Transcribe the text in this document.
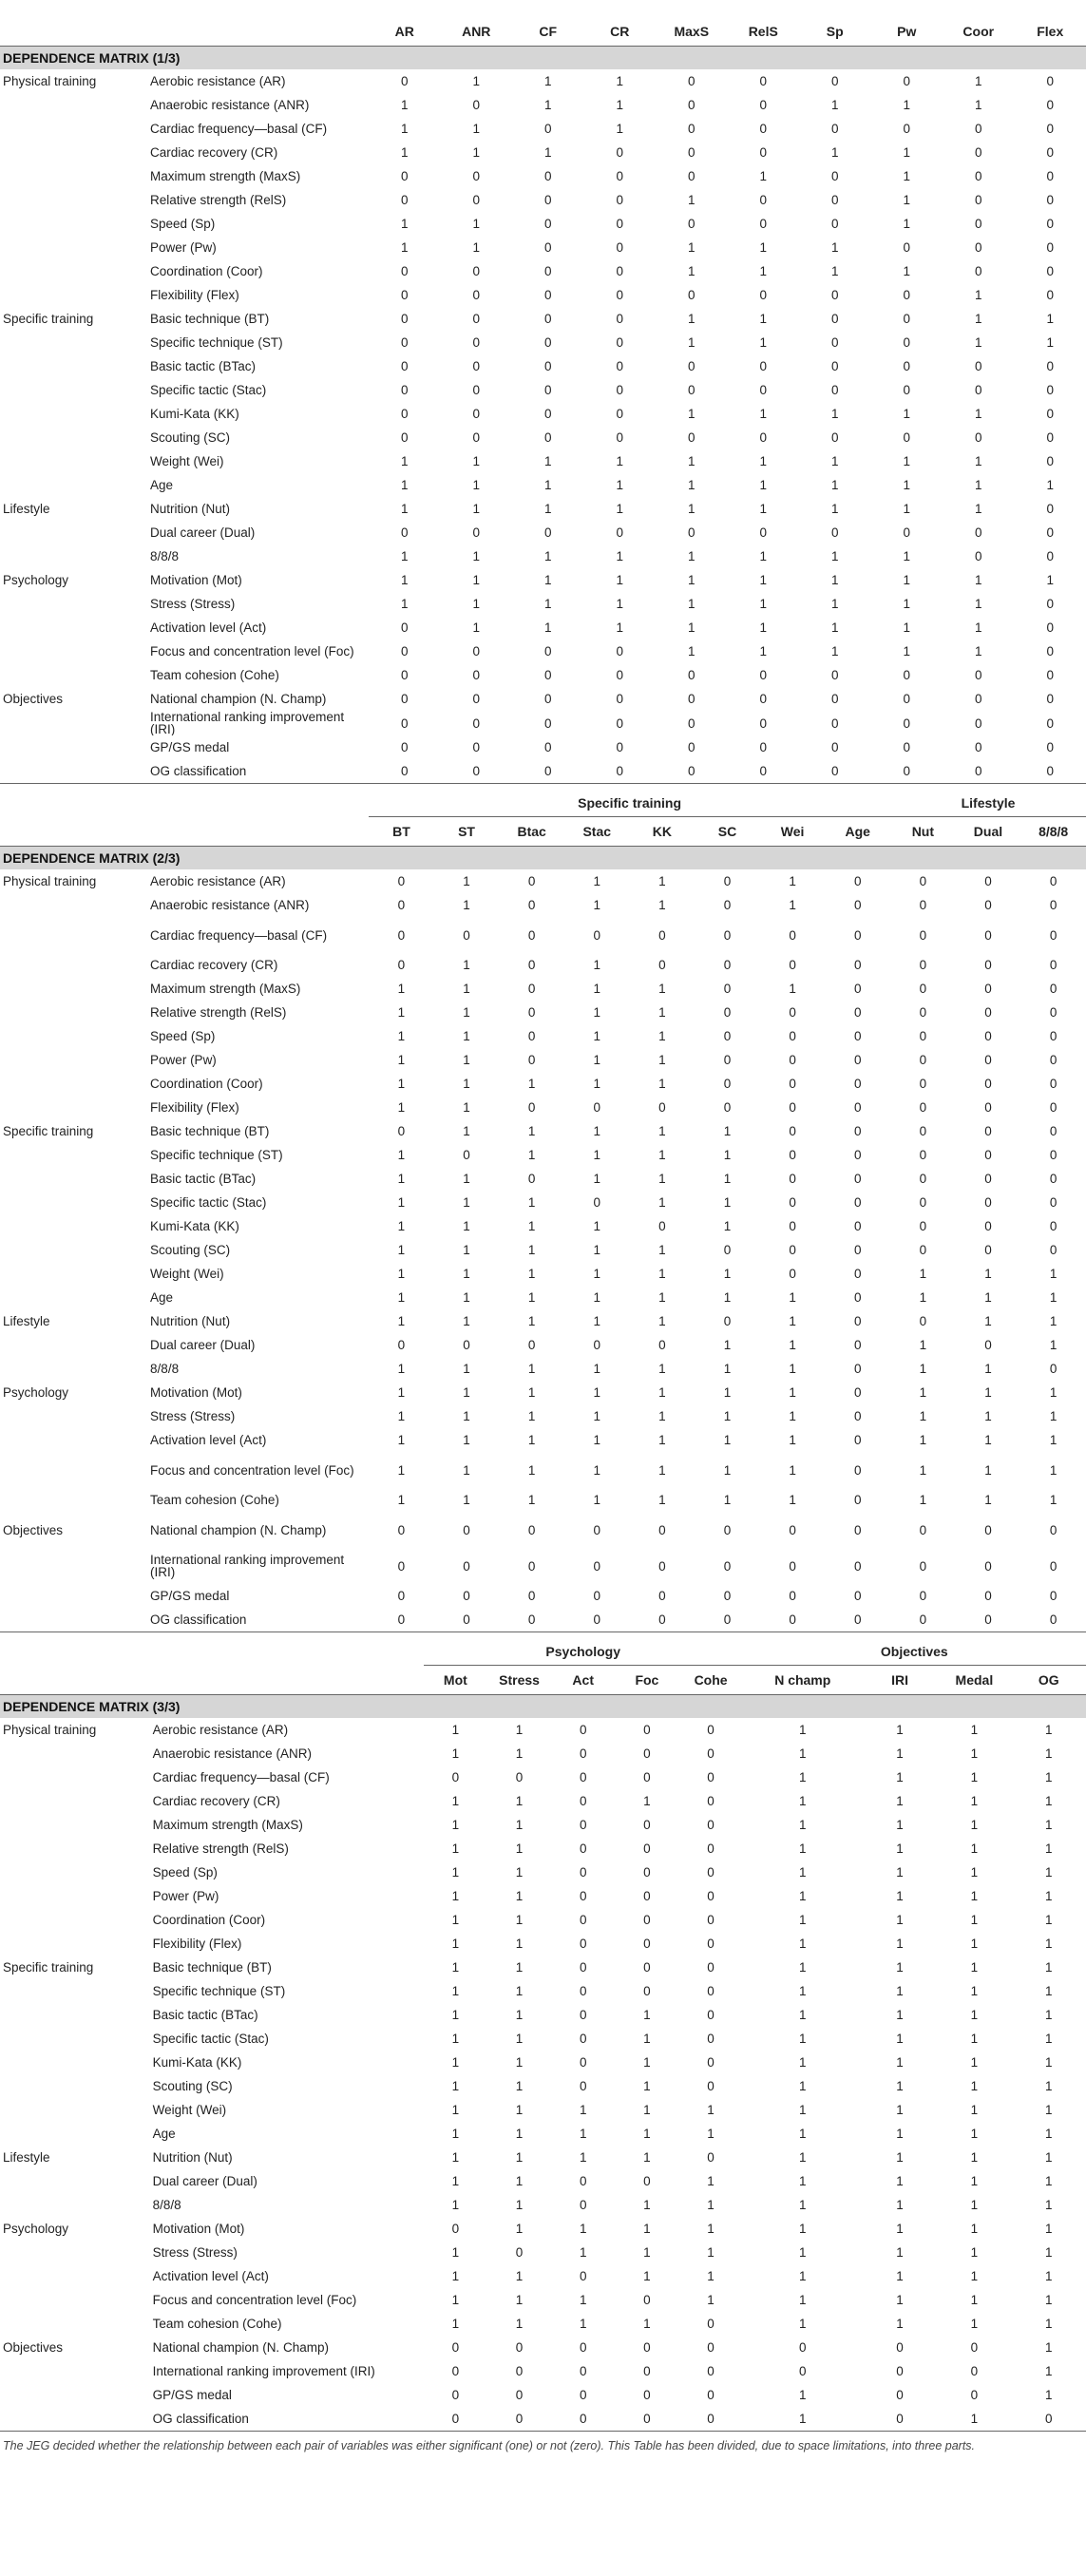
		AR	ANR	CF	CR	MaxS	RelS	Sp	Pw	Coor	Flex
DEPENDENCE MATRIX (1/3)											
Physical training	Aerobic resistance (AR)	0	1	1	1	0	0	0	0	1	0
	Anaerobic resistance (ANR)	1	0	1	1	0	0	1	1	1	0
	Cardiac frequency—basal (CF)	1	1	0	1	0	0	0	0	0	0
	Cardiac recovery (CR)	1	1	1	0	0	0	1	1	0	0
	Maximum strength (MaxS)	0	0	0	0	0	1	0	1	0	0
	Relative strength (RelS)	0	0	0	0	1	0	0	1	0	0
	Speed (Sp)	1	1	0	0	0	0	0	1	0	0
	Power (Pw)	1	1	0	0	1	1	1	0	0	0
	Coordination (Coor)	0	0	0	0	1	1	1	1	0	0
	Flexibility (Flex)	0	0	0	0	0	0	0	0	1	0
Specific training	Basic technique (BT)	0	0	0	0	1	1	0	0	1	1
	Specific technique (ST)	0	0	0	0	1	1	0	0	1	1
	Basic tactic (BTac)	0	0	0	0	0	0	0	0	0	0
	Specific tactic (Stac)	0	0	0	0	0	0	0	0	0	0
	Kumi-Kata (KK)	0	0	0	0	1	1	1	1	1	0
	Scouting (SC)	0	0	0	0	0	0	0	0	0	0
	Weight (Wei)	1	1	1	1	1	1	1	1	1	0
	Age	1	1	1	1	1	1	1	1	1	1
Lifestyle	Nutrition (Nut)	1	1	1	1	1	1	1	1	1	0
	Dual career (Dual)	0	0	0	0	0	0	0	0	0	0
	8/8/8	1	1	1	1	1	1	1	1	0	0
Psychology	Motivation (Mot)	1	1	1	1	1	1	1	1	1	1
	Stress (Stress)	1	1	1	1	1	1	1	1	1	0
	Activation level (Act)	0	1	1	1	1	1	1	1	1	0
	Focus and concentration level (Foc)	0	0	0	0	1	1	1	1	1	0
	Team cohesion (Cohe)	0	0	0	0	0	0	0	0	0	0
Objectives	National champion (N. Champ)	0	0	0	0	0	0	0	0	0	0
	International ranking improvement (IRI)	0	0	0	0	0	0	0	0	0	0
	GP/GS medal	0	0	0	0	0	0	0	0	0	0
	OG classification	0	0	0	0	0	0	0	0	0	0
		Specific training								Lifestyle		
		BT	ST	Btac	Stac	KK	SC	Wei	Age	Nut	Dual	8/8/8
DEPENDENCE MATRIX (2/3)												
Physical training	Aerobic resistance (AR)	0	1	0	1	1	0	1	0	0	0	0
	Anaerobic resistance (ANR)	0	1	0	1	1	0	1	0	0	0	0
	Cardiac frequency—basal (CF)	0	0	0	0	0	0	0	0	0	0	0
	Cardiac recovery (CR)	0	1	0	1	0	0	0	0	0	0	0
	Maximum strength (MaxS)	1	1	0	1	1	0	1	0	0	0	0
	Relative strength (RelS)	1	1	0	1	1	0	0	0	0	0	0
	Speed (Sp)	1	1	0	1	1	0	0	0	0	0	0
	Power (Pw)	1	1	0	1	1	0	0	0	0	0	0
	Coordination (Coor)	1	1	1	1	1	0	0	0	0	0	0
	Flexibility (Flex)	1	1	0	0	0	0	0	0	0	0	0
Specific training	Basic technique (BT)	0	1	1	1	1	1	0	0	0	0	0
	Specific technique (ST)	1	0	1	1	1	1	0	0	0	0	0
	Basic tactic (BTac)	1	1	0	1	1	1	0	0	0	0	0
	Specific tactic (Stac)	1	1	1	0	1	1	0	0	0	0	0
	Kumi-Kata (KK)	1	1	1	1	0	1	0	0	0	0	0
	Scouting (SC)	1	1	1	1	1	0	0	0	0	0	0
	Weight (Wei)	1	1	1	1	1	1	0	0	1	1	1
	Age	1	1	1	1	1	1	1	0	1	1	1
Lifestyle	Nutrition (Nut)	1	1	1	1	1	0	1	0	0	1	1
	Dual career (Dual)	0	0	0	0	0	1	1	0	1	0	1
	8/8/8	1	1	1	1	1	1	1	0	1	1	0
Psychology	Motivation (Mot)	1	1	1	1	1	1	1	0	1	1	1
	Stress (Stress)	1	1	1	1	1	1	1	0	1	1	1
	Activation level (Act)	1	1	1	1	1	1	1	0	1	1	1
	Focus and concentration level (Foc)	1	1	1	1	1	1	1	0	1	1	1
	Team cohesion (Cohe)	1	1	1	1	1	1	1	0	1	1	1
Objectives	National champion (N. Champ)	0	0	0	0	0	0	0	0	0	0	0
	International ranking improvement (IRI)	0	0	0	0	0	0	0	0	0	0	0
	GP/GS medal	0	0	0	0	0	0	0	0	0	0	0
	OG classification	0	0	0	0	0	0	0	0	0	0	0
		Psychology					Objectives			
		Mot	Stress	Act	Foc	Cohe	N champ	IRI	Medal	OG
DEPENDENCE MATRIX (3/3)										
Physical training	Aerobic resistance (AR)	1	1	0	0	0	1	1	1	1
	Anaerobic resistance (ANR)	1	1	0	0	0	1	1	1	1
	Cardiac frequency—basal (CF)	0	0	0	0	0	1	1	1	1
	Cardiac recovery (CR)	1	1	0	1	0	1	1	1	1
	Maximum strength (MaxS)	1	1	0	0	0	1	1	1	1
	Relative strength (RelS)	1	1	0	0	0	1	1	1	1
	Speed (Sp)	1	1	0	0	0	1	1	1	1
	Power (Pw)	1	1	0	0	0	1	1	1	1
	Coordination (Coor)	1	1	0	0	0	1	1	1	1
	Flexibility (Flex)	1	1	0	0	0	1	1	1	1
Specific training	Basic technique (BT)	1	1	0	0	0	1	1	1	1
	Specific technique (ST)	1	1	0	0	0	1	1	1	1
	Basic tactic (BTac)	1	1	0	1	0	1	1	1	1
	Specific tactic (Stac)	1	1	0	1	0	1	1	1	1
	Kumi-Kata (KK)	1	1	0	1	0	1	1	1	1
	Scouting (SC)	1	1	0	1	0	1	1	1	1
	Weight (Wei)	1	1	1	1	1	1	1	1	1
	Age	1	1	1	1	1	1	1	1	1
Lifestyle	Nutrition (Nut)	1	1	1	1	0	1	1	1	1
	Dual career (Dual)	1	1	0	0	1	1	1	1	1
	8/8/8	1	1	0	1	1	1	1	1	1
Psychology	Motivation (Mot)	0	1	1	1	1	1	1	1	1
	Stress (Stress)	1	0	1	1	1	1	1	1	1
	Activation level (Act)	1	1	0	1	1	1	1	1	1
	Focus and concentration level (Foc)	1	1	1	0	1	1	1	1	1
	Team cohesion (Cohe)	1	1	1	1	0	1	1	1	1
Objectives	National champion (N. Champ)	0	0	0	0	0	0	0	0	1
	International ranking improvement (IRI)	0	0	0	0	0	0	0	0	1
	GP/GS medal	0	0	0	0	0	1	0	0	1
	OG classification	0	0	0	0	0	1	0	1	0
The JEG decided whether the relationship between each pair of variables was either significant (one) or not (zero). This Table has been divided, due to space limitations, into three parts.
